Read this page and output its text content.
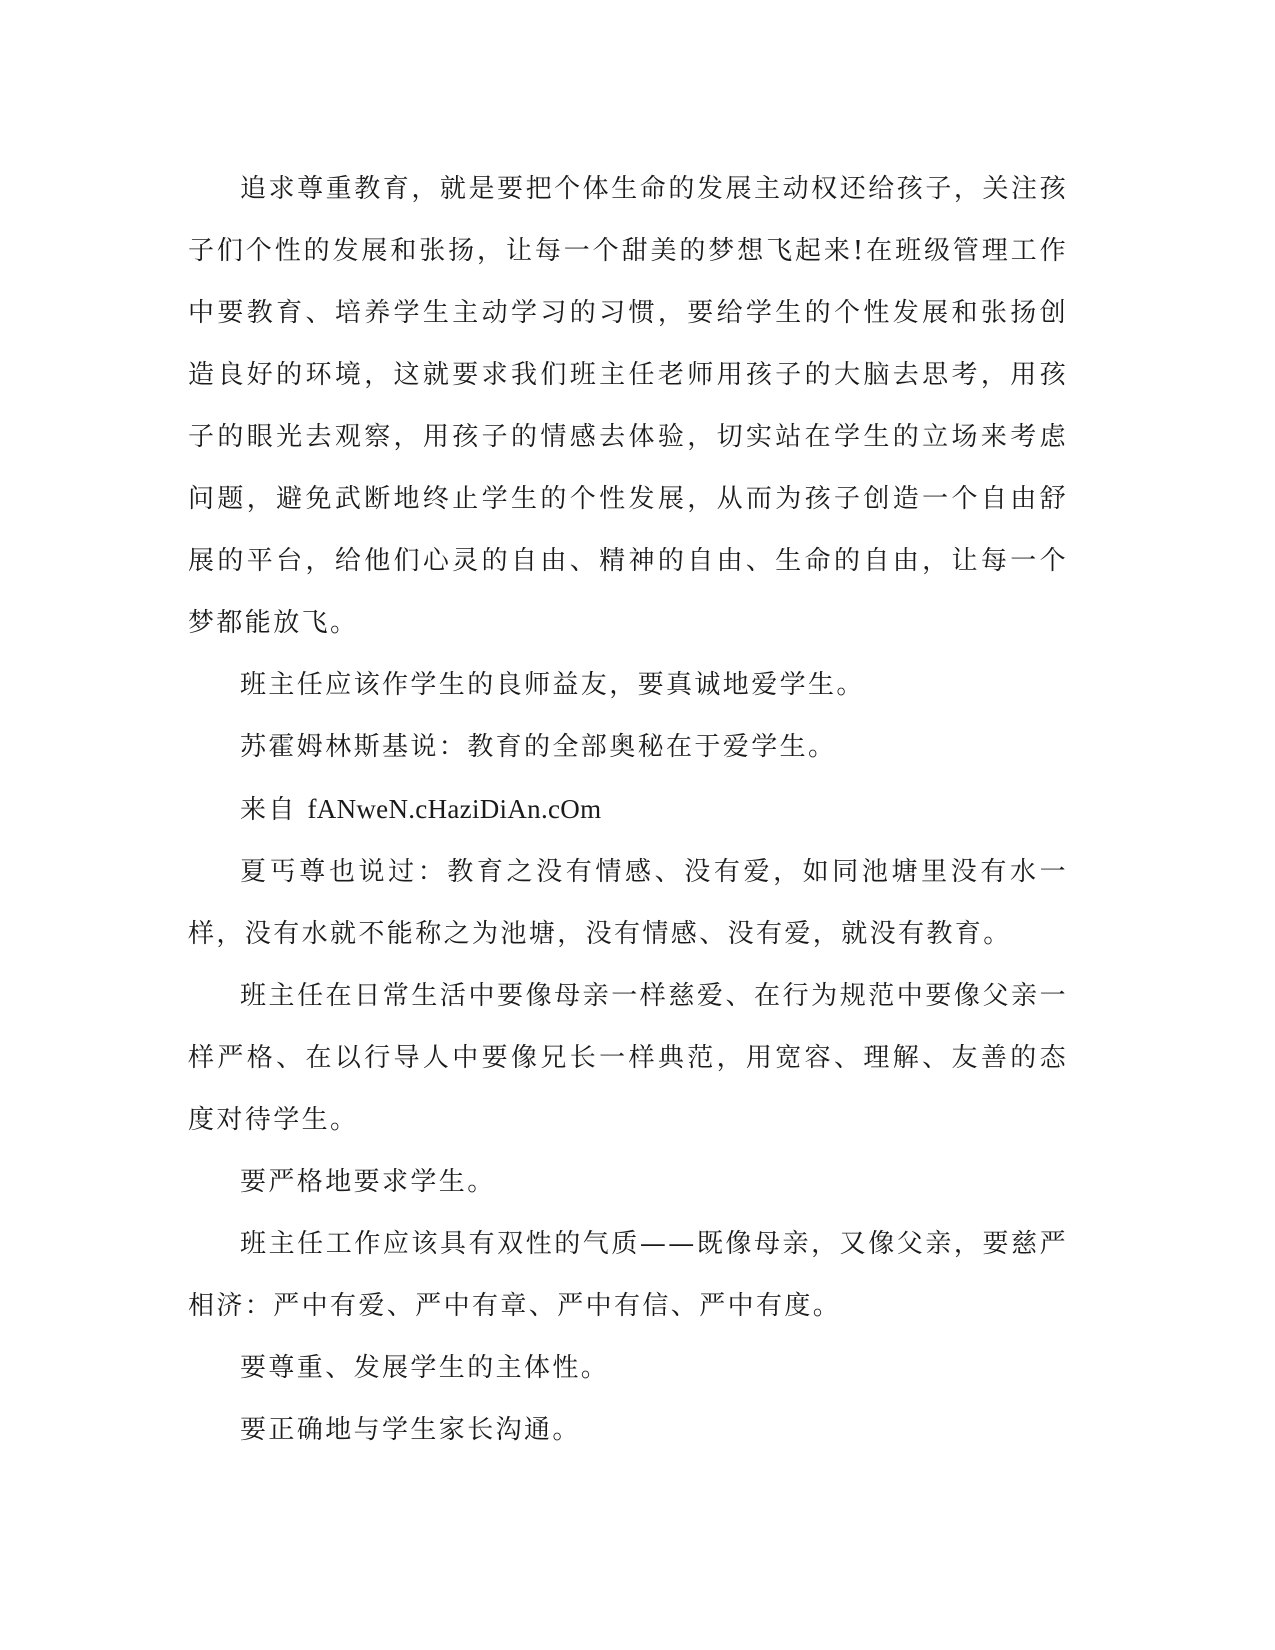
追求尊重教育，就是要把个体生命的发展主动权还给孩子，关注孩子们个性的发展和张扬，让每一个甜美的梦想飞起来!在班级管理工作中要教育、培养学生主动学习的习惯，要给学生的个性发展和张扬创造良好的环境，这就要求我们班主任老师用孩子的大脑去思考，用孩子的眼光去观察，用孩子的情感去体验，切实站在学生的立场来考虑问题，避免武断地终止学生的个性发展，从而为孩子创造一个自由舒展的平台，给他们心灵的自由、精神的自由、生命的自由，让每一个梦都能放飞。

班主任应该作学生的良师益友，要真诚地爱学生。

苏霍姆林斯基说：教育的全部奥秘在于爱学生。

来自 fANweN.cHaziDiAn.cOm

夏丐尊也说过：教育之没有情感、没有爱，如同池塘里没有水一样，没有水就不能称之为池塘，没有情感、没有爱，就没有教育。

班主任在日常生活中要像母亲一样慈爱、在行为规范中要像父亲一样严格、在以行导人中要像兄长一样典范，用宽容、理解、友善的态度对待学生。

要严格地要求学生。

班主任工作应该具有双性的气质——既像母亲，又像父亲，要慈严相济：严中有爱、严中有章、严中有信、严中有度。

要尊重、发展学生的主体性。

要正确地与学生家长沟通。
